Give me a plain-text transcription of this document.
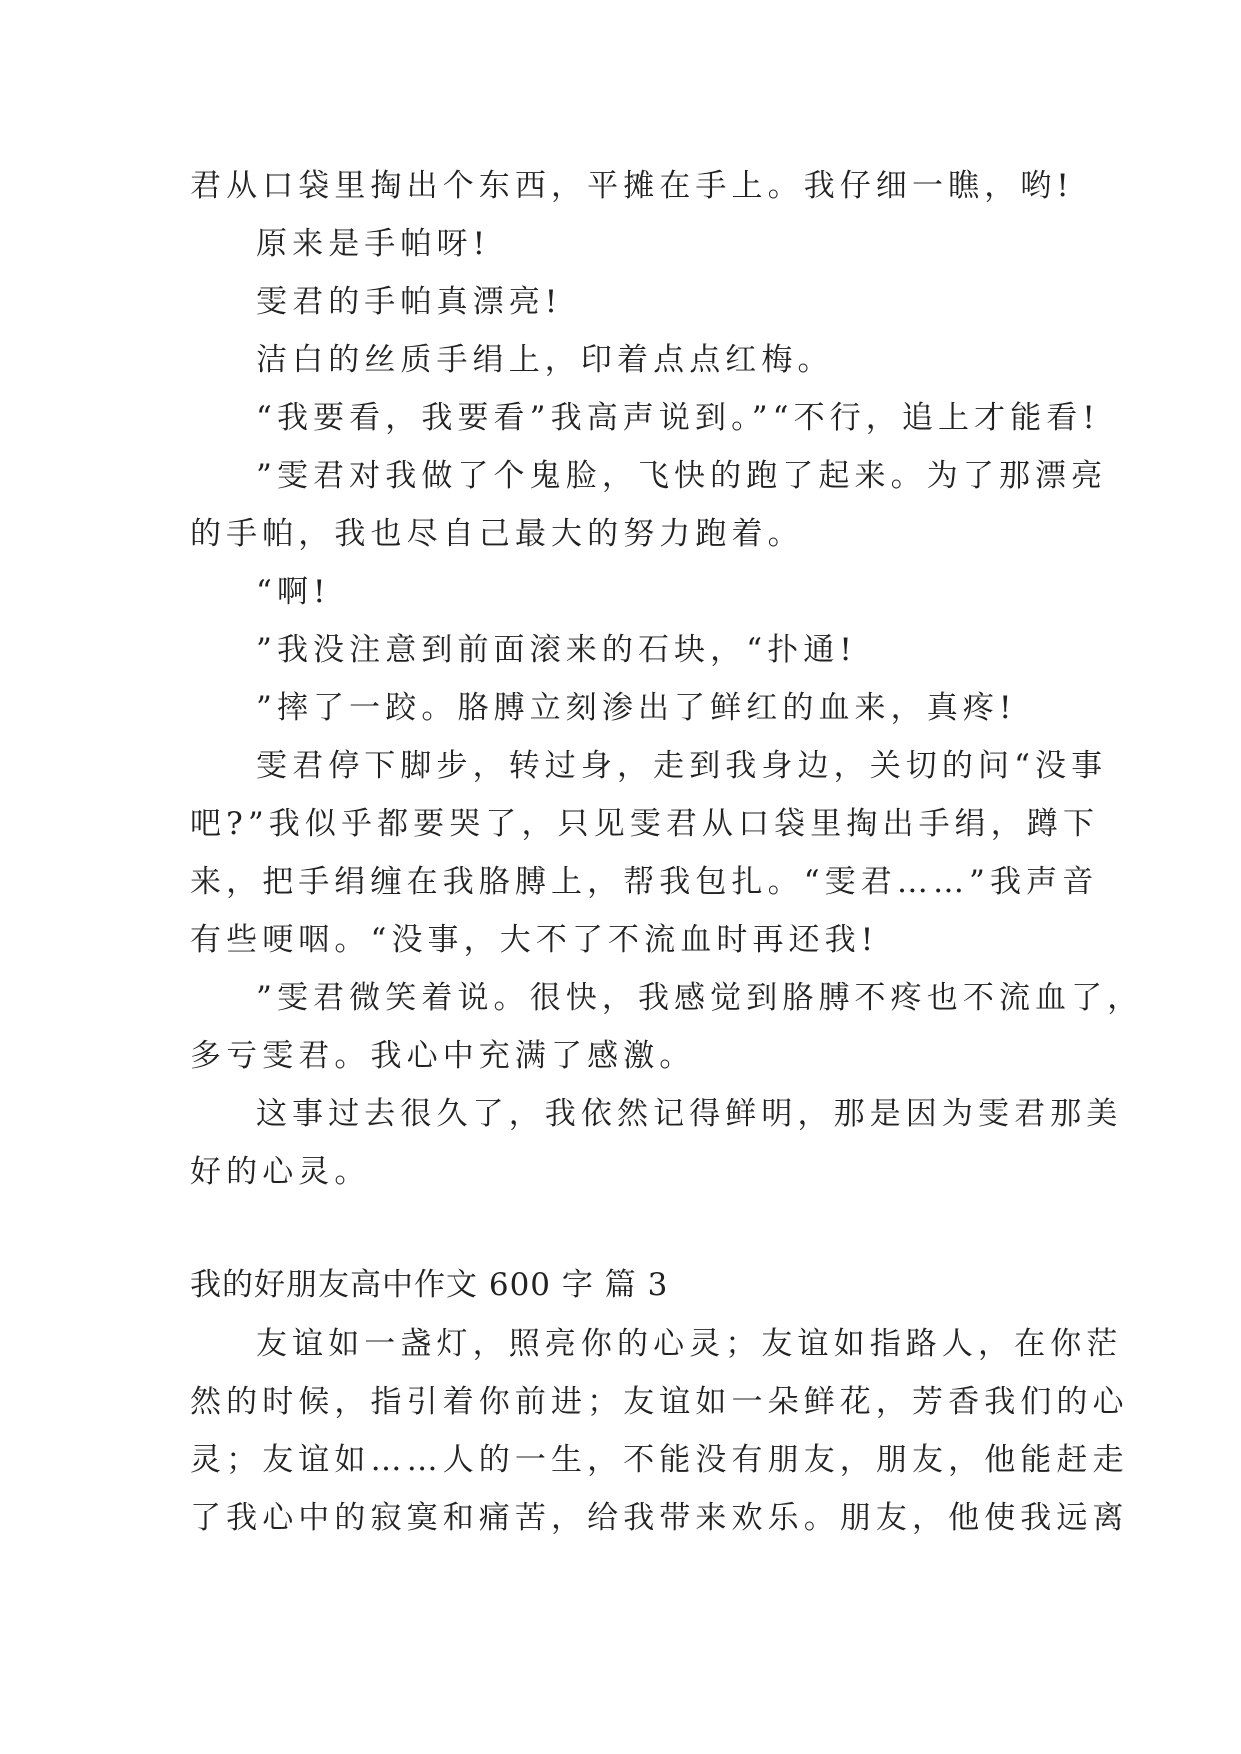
君从口袋里掏出个东西，平摊在手上。我仔细一瞧，哟!
原来是手帕呀!
雯君的手帕真漂亮!
洁白的丝质手绢上，印着点点红梅。
“我要看，我要看”我高声说到。”“不行，追上才能看!
”雯君对我做了个鬼脸，飞快的跑了起来。为了那漂亮
的手帕，我也尽自己最大的努力跑着。
“啊!
”我没注意到前面滚来的石块，“扑通!
”摔了一跤。胳膊立刻渗出了鲜红的血来，真疼!
雯君停下脚步，转过身，走到我身边，关切的问“没事
吧?”我似乎都要哭了，只见雯君从口袋里掏出手绢，蹲下
来，把手绢缠在我胳膊上，帮我包扎。“雯君……”我声音
有些哽咽。“没事，大不了不流血时再还我!
”雯君微笑着说。很快，我感觉到胳膊不疼也不流血了，
多亏雯君。我心中充满了感激。
这事过去很久了，我依然记得鲜明，那是因为雯君那美
好的心灵。
我的好朋友高中作文 600 字 篇 3
友谊如一盏灯，照亮你的心灵；友谊如指路人，在你茫
然的时候，指引着你前进；友谊如一朵鲜花，芳香我们的心
灵；友谊如……人的一生，不能没有朋友，朋友，他能赶走
了我心中的寂寞和痛苦，给我带来欢乐。朋友，他使我远离
